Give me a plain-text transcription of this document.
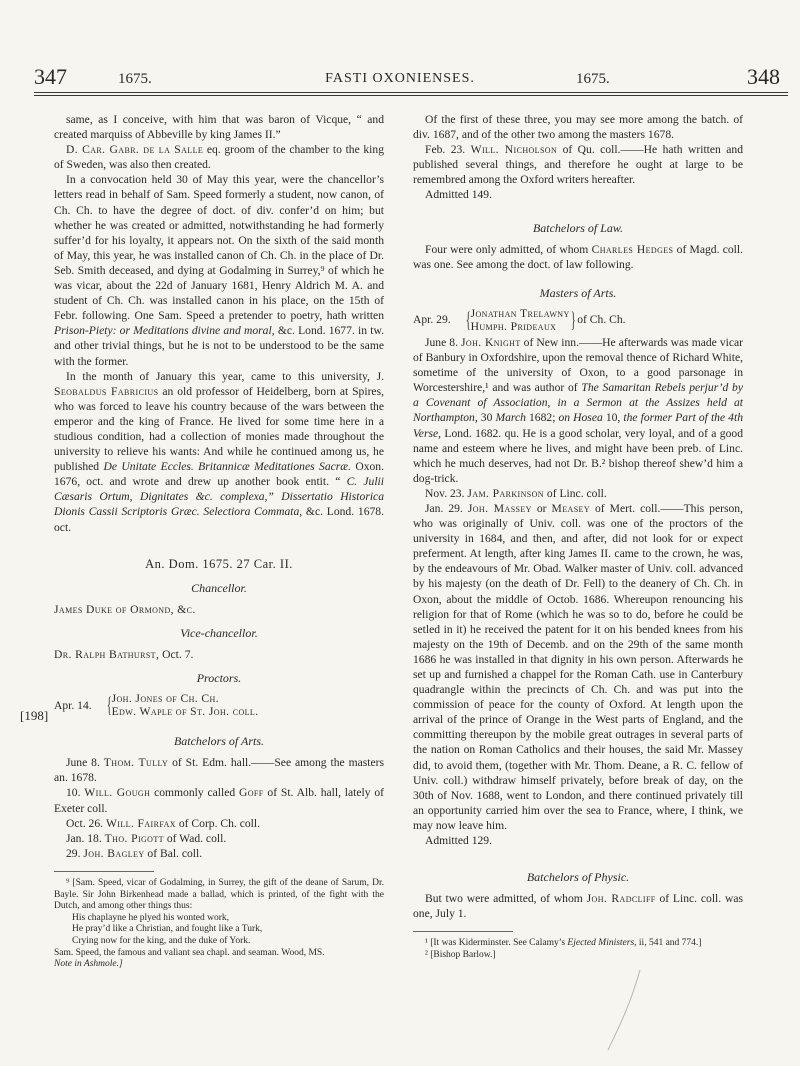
347	1675.	FASTI OXONIENSES.	1675.	348
[198]

same, as I conceive, with him that was baron of Vicque, “ and created marquiss of Abbeville by king James II.”

D. Car. Gabr. de la Salle eq. groom of the chamber to the king of Sweden, was also then created.

In a convocation held 30 of May this year, were the chancellor’s letters read in behalf of Sam. Speed formerly a student, now canon, of Ch. Ch. to have the degree of doct. of div. confer’d on him; but whether he was created or admitted, notwithstanding he had formerly suffer’d for his loyalty, it appears not. On the sixth of the said month of May, this year, he was installed canon of Ch. Ch. in the place of Dr. Seb. Smith deceased, and dying at Godalming in Surrey,⁹ of which he was vicar, about the 22d of January 1681, Henry Aldrich M. A. and student of Ch. Ch. was installed canon in his place, on the 15th of Febr. following. One Sam. Speed a pretender to poetry, hath written Prison-Piety: or Meditations divine and moral, &c. Lond. 1677. in tw. and other trivial things, but he is not to be understood to be the same with the former.

In the month of January this year, came to this university, J. Seobaldus Fabricius an old professor of Heidelberg, born at Spires, who was forced to leave his country because of the wars between the emperor and the king of France. He lived for some time here in a studious condition, had a collection of monies made throughout the university to relieve his wants: And while he continued among us, he published De Unitate Eccles. Britannicæ Meditationes Sacræ. Oxon. 1676, oct. and wrote and drew up another book entit. “ C. Julii Cæsaris Ortum, Dignitates &c. complexa,” Dissertatio Historica Dionis Cassii Scriptoris Græc. Selectiora Commata, &c. Lond. 1678. oct.

An. Dom. 1675. 27 Car. II.

Chancellor.

James Duke of Ormond, &c.

Vice-chancellor.

Dr. Ralph Bathurst, Oct. 7.

Proctors.

Apr. 14. { Joh. Jones of Ch. Ch.
Edw. Waple of St. Joh. coll.

Batchelors of Arts.

June 8. Thom. Tully of St. Edm. hall.——See among the masters an. 1678.

10. Will. Gough commonly called Goff of St. Alb. hall, lately of Exeter coll.

Oct. 26. Will. Fairfax of Corp. Ch. coll.

Jan. 18. Tho. Pigott of Wad. coll.

29. Joh. Bagley of Bal. coll.

⁹ [Sam. Speed, vicar of Godalming, in Surrey, the gift of the deane of Sarum, Dr. Bayle. Sir John Birkenhead made a ballad, which is printed, of the fight with the Dutch, and among other things thus:

His chaplayne he plyed his wonted work,

He pray’d like a Christian, and fought like a Turk,

Crying now for the king, and the duke of York.

Sam. Speed, the famous and valiant sea chapl. and seaman. Wood, MS.

Note in Ashmole.]

Of the first of these three, you may see more among the batch. of div. 1687, and of the other two among the masters 1678.

Feb. 23. Will. Nicholson of Qu. coll.——He hath written and published several things, and therefore he ought at large to be remembred among the Oxford writers hereafter.

Admitted 149.

Batchelors of Law.

Four were only admitted, of whom Charles Hedges of Magd. coll. was one. See among the doct. of law following.

Masters of Arts.

Apr. 29. { Jonathan Trelawny
Humph. Prideaux } of Ch. Ch.

June 8. Joh. Knight of New inn.——He afterwards was made vicar of Banbury in Oxfordshire, upon the removal thence of Richard White, sometime of the university of Oxon, to a good parsonage in Worcestershire,¹ and was author of The Samaritan Rebels perjur’d by a Covenant of Association, in a Sermon at the Assizes held at Northampton, 30 March 1682; on Hosea 10, the former Part of the 4th Verse, Lond. 1682. qu. He is a good scholar, very loyal, and of a good name and esteem where he lives, and might have been preb. of Linc. which he much deserves, had not Dr. B.² bishop thereof shew’d him a dog-trick.

Nov. 23. Jam. Parkinson of Linc. coll.

Jan. 29. Joh. Massey or Measey of Mert. coll.——This person, who was originally of Univ. coll. was one of the proctors of the university in 1684, and then, and after, did not look for or expect preferment. At length, after king James II. came to the crown, he was, by the endeavours of Mr. Obad. Walker master of Univ. coll. advanced by his majesty (on the death of Dr. Fell) to the deanery of Ch. Ch. in Oxon, about the middle of Octob. 1686. Whereupon renouncing his religion for that of Rome (which he was so to do, before he could be setled in it) he received the patent for it on his bended knees from his majesty on the 19th of Decemb. and on the 29th of the same month 1686 he was installed in that dignity in his own person. Afterwards he set up and furnished a chappel for the Roman Cath. use in Canterbury quadrangle within the precincts of Ch. Ch. and was put into the commission of peace for the county of Oxford. At length upon the arrival of the prince of Orange in the West parts of England, and the committing thereupon by the mobile great outrages in several parts of the nation on Roman Catholics and their houses, the said Mr. Massey did, to avoid them, (together with Mr. Thom. Deane, a R. C. fellow of Univ. coll.) withdraw himself privately, before break of day, on the 30th of Nov. 1688, went to London, and there continued privately till an opportunity carried him over the sea to France, where, I think, we may now leave him.

Admitted 129.

Batchelors of Physic.

But two were admitted, of whom Joh. Radcliff of Linc. coll. was one, July 1.

¹ [It was Kiderminster. See Calamy’s Ejected Ministers, ii, 541 and 774.]

² [Bishop Barlow.]
